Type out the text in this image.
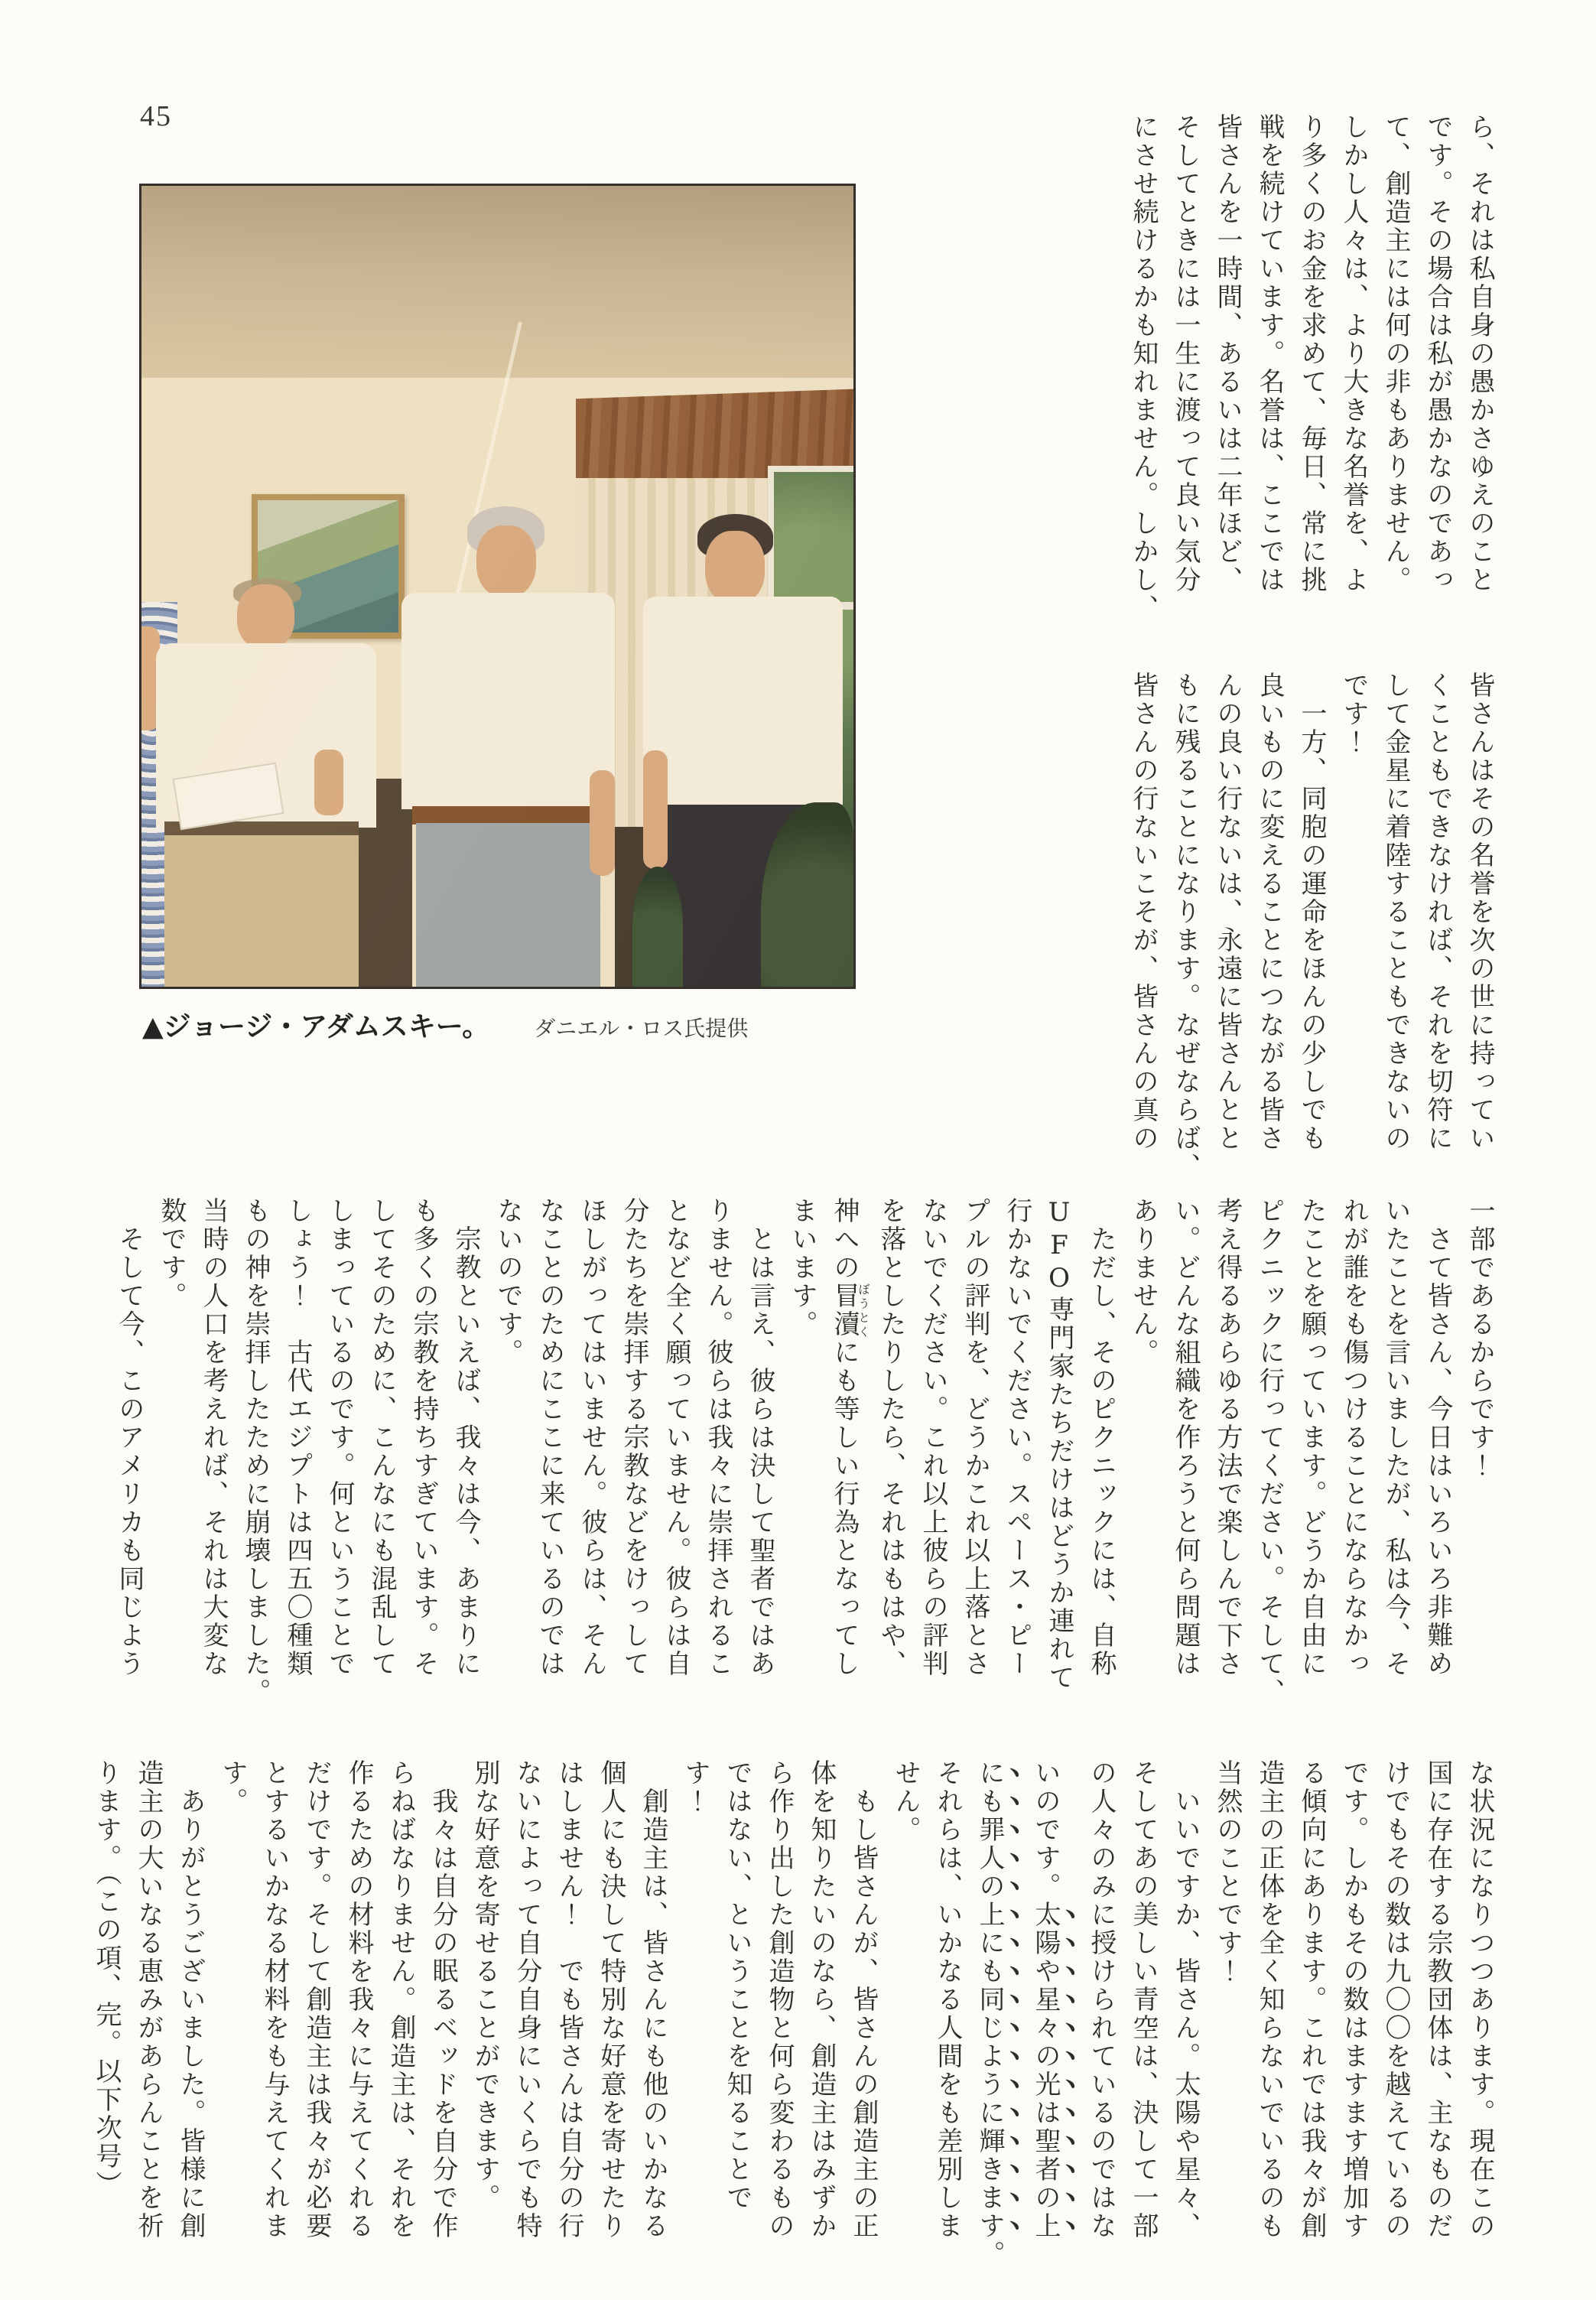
45
▲ジョージ・アダムスキー。 ダニエル・ロス氏提供
ら、それは私自身の愚かさゆえのこと
です。その場合は私が愚かなのであっ
て、創造主には何の非もありません。
しかし人々は、より大きな名誉を、よ
り多くのお金を求めて、毎日、常に挑
戦を続けています。名誉は、ここでは
皆さんを一時間、あるいは二年ほど、
そしてときには一生に渡って良い気分
にさせ続けるかも知れません。しかし、
皆さんはその名誉を次の世に持ってい
くこともできなければ、それを切符に
して金星に着陸することもできないの
です！
一方、同胞の運命をほんの少しでも
良いものに変えることにつながる皆さ
んの良い行ないは、永遠に皆さんとと
もに残ることになります。なぜならば、
皆さんの行ないこそが、皆さんの真の
一部であるからです！
さて皆さん、今日はいろいろ非難め
いたことを言いましたが、私は今、そ
れが誰をも傷つけることにならなかっ
たことを願っています。どうか自由に
ピクニックに行ってください。そして、
考え得るあらゆる方法で楽しんで下さ
い。どんな組織を作ろうと何ら問題は
ありません。
ただし、そのピクニックには、自称
UFO専門家たちだけはどうか連れて
行かないでください。スペース・ピー
プルの評判を、どうかこれ以上落とさ
ないでください。これ以上彼らの評判
を落としたりしたら、それはもはや、
神への冒瀆ぼうとくにも等しい行為となってし
まいます。
とは言え、彼らは決して聖者ではあ
りません。彼らは我々に崇拝されるこ
となど全く願っていません。彼らは自
分たちを崇拝する宗教などをけっして
ほしがってはいません。彼らは、そん
なことのためにここに来ているのでは
ないのです。
宗教といえば、我々は今、あまりに
も多くの宗教を持ちすぎています。そ
してそのために、こんなにも混乱して
しまっているのです。何ということで
しょう！　古代エジプトは四五〇種類
もの神を崇拝したために崩壊しました。
当時の人口を考えれば、それは大変な
数です。
そして今、このアメリカも同じよう
な状況になりつつあります。現在この
国に存在する宗教団体は、主なものだ
けでもその数は九〇〇を越えているの
です。しかもその数はますます増加す
る傾向にあります。これでは我々が創
造主の正体を全く知らないでいるのも
当然のことです！
いいですか、皆さん。太陽や星々、
そしてあの美しい青空は、決して一部
の人々のみに授けられているのではな
いのです。太陽や星々の光は聖者の上
にも罪人の上にも同じように輝きます。
それらは、いかなる人間をも差別しま
せん。
もし皆さんが、皆さんの創造主の正
体を知りたいのなら、創造主はみずか
ら作り出した創造物と何ら変わるもの
ではない、ということを知ることで
す！
創造主は、皆さんにも他のいかなる
個人にも決して特別な好意を寄せたり
はしません！　でも皆さんは自分の行
ないによって自分自身にいくらでも特
別な好意を寄せることができます。
我々は自分の眠るベッドを自分で作
らねばなりません。創造主は、それを
作るための材料を我々に与えてくれる
だけです。そして創造主は我々が必要
とするいかなる材料をも与えてくれま
す。
ありがとうございました。皆様に創
造主の大いなる恵みがあらんことを祈
ります。（この項、完。以下次号）
